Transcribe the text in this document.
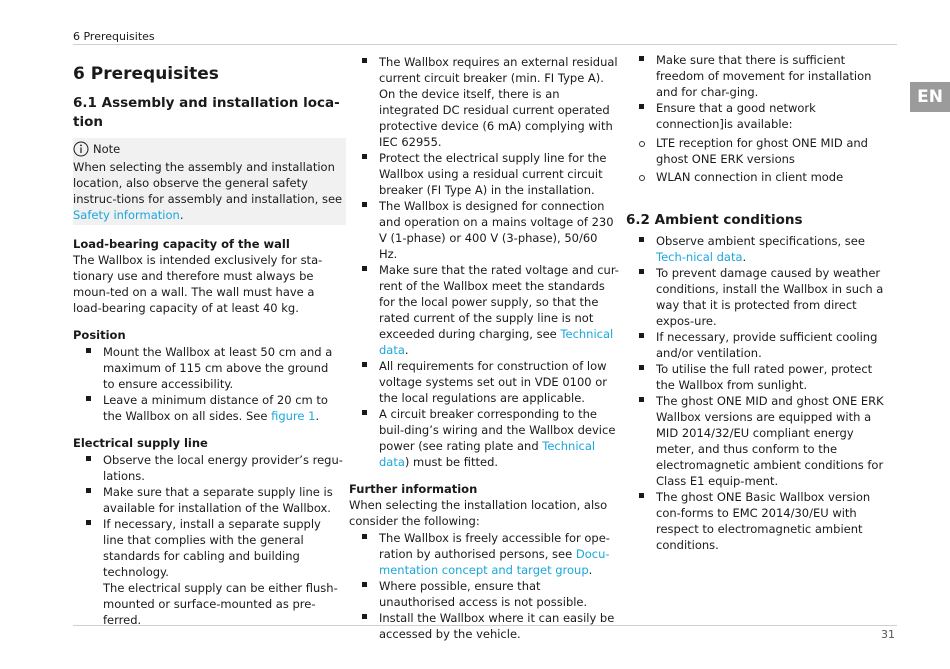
6 Prerequisites
EN
6 Prerequisites
6.1 Assembly and installation loca-tion
Note

When selecting the assembly and installation location, also observe the general safety instruc-tions for assembly and installation, see Safety information.

Load-bearing capacity of the wall

The Wallbox is intended exclusively for sta-tionary use and therefore must always be moun-ted on a wall. The wall must have a load-bearing capacity of at least 40 kg.

Position

Mount the Wallbox at least 50 cm and a maximum of 115 cm above the ground to ensure accessibility.
Leave a minimum distance of 20 cm to the Wallbox on all sides. See figure 1.

Electrical supply line

Observe the local energy provider’s regu-lations.
Make sure that a separate supply line is available for installation of the Wallbox.
If necessary, install a separate supply line that complies with the general standards for cabling and building technology.
The electrical supply can be either flush-mounted or surface-mounted as pre-ferred.
The Wallbox requires an external residual current circuit breaker (min. FI Type A). On the device itself, there is an integrated DC residual current operated protective device (6 mA) complying with IEC 62955.
Protect the electrical supply line for the Wallbox using a residual current circuit breaker (FI Type A) in the installation.
The Wallbox is designed for connection and operation on a mains voltage of 230 V (1-phase) or 400 V (3-phase), 50/60 Hz.
Make sure that the rated voltage and cur-rent of the Wallbox meet the standards for the local power supply, so that the rated current of the supply line is not exceeded during charging, see Technical data.
All requirements for construction of low voltage systems set out in VDE 0100 or the local regulations are applicable.
A circuit breaker corresponding to the buil-ding’s wiring and the Wallbox device power (see rating plate and Technical data) must be fitted.

Further information

When selecting the installation location, also consider the following:

The Wallbox is freely accessible for ope-ration by authorised persons, see Docu-mentation concept and target group.
Where possible, ensure that unauthorised access is not possible.
Install the Wallbox where it can easily be accessed by the vehicle.
Make sure that there is sufficient freedom of movement for installation and for char-ging.
Ensure that a good network connection]is available:
LTE reception for ghost ONE MID and ghost ONE ERK versions
WLAN connection in client mode
6.2 Ambient conditions
Observe ambient specifications, see Tech-nical data.
To prevent damage caused by weather conditions, install the Wallbox in such a way that it is protected from direct expos-ure.
If necessary, provide sufficient cooling and/or ventilation.
To utilise the full rated power, protect the Wallbox from sunlight.
The ghost ONE MID and ghost ONE ERK Wallbox versions are equipped with a MID 2014/32/EU compliant energy meter, and thus conform to the electromagnetic ambient conditions for Class E1 equip-ment.
The ghost ONE Basic Wallbox version con-forms to EMC 2014/30/EU with respect to electromagnetic ambient conditions.
31
